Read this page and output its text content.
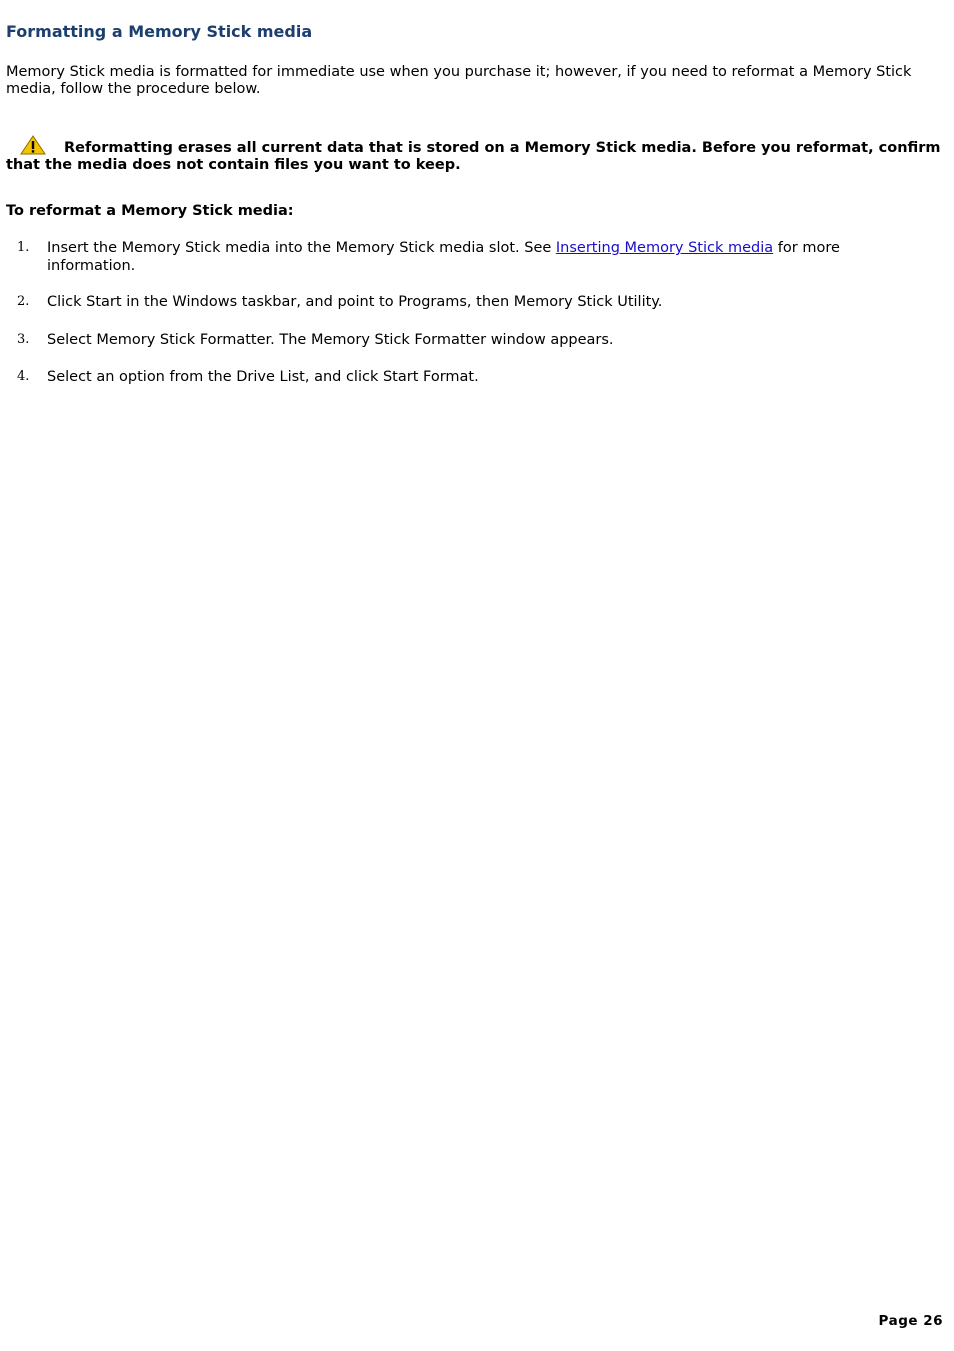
Formatting a Memory Stick media

Memory Stick media is formatted for immediate use when you purchase it; however, if you need to reformat a Memory Stick media, follow the procedure below.

Reformatting erases all current data that is stored on a Memory Stick media. Before you reformat, confirm that the media does not contain files you want to keep.

To reformat a Memory Stick media:

1. Insert the Memory Stick media into the Memory Stick media slot. See Inserting Memory Stick media for more information.
2. Click Start in the Windows taskbar, and point to Programs, then Memory Stick Utility.
3. Select Memory Stick Formatter. The Memory Stick Formatter window appears.
4. Select an option from the Drive List, and click Start Format.
Page 26
